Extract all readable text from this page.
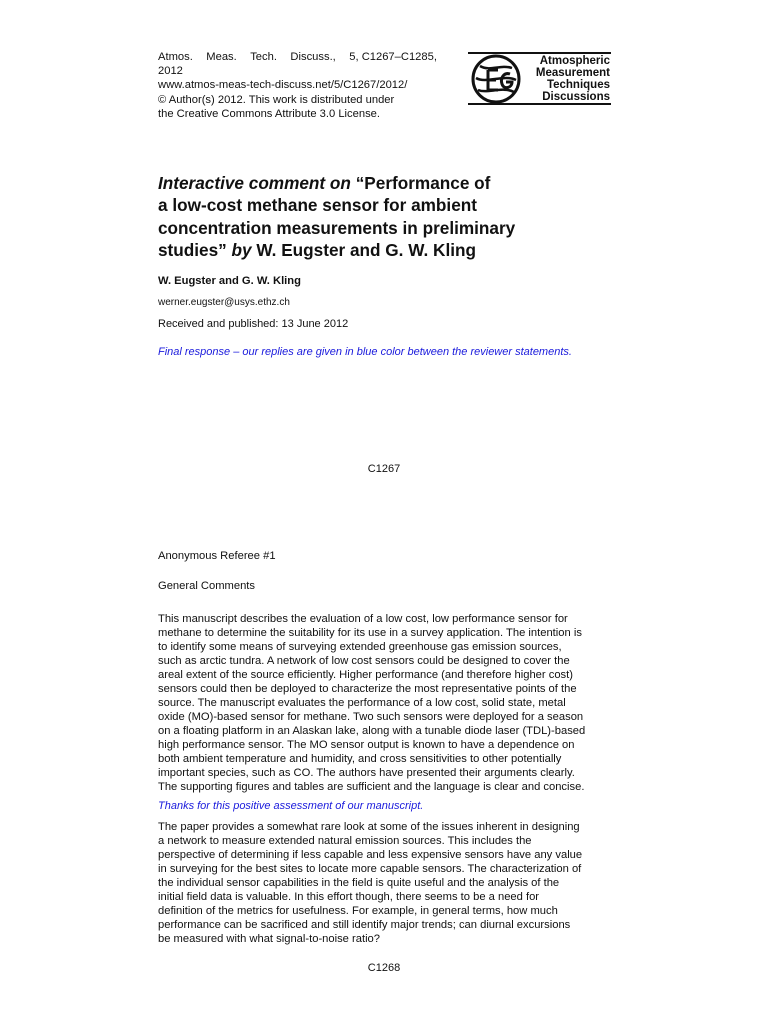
Atmos. Meas. Tech. Discuss., 5, C1267–C1285,
2012
www.atmos-meas-tech-discuss.net/5/C1267/2012/
© Author(s) 2012. This work is distributed under
the Creative Commons Attribute 3.0 License.
Atmospheric
Measurement
Techniques
Discussions
Interactive comment on “Performance of
a low-cost methane sensor for ambient
concentration measurements in preliminary
studies” by W. Eugster and G. W. Kling
W. Eugster and G. W. Kling
werner.eugster@usys.ethz.ch
Received and published: 13 June 2012
Final response – our replies are given in blue color between the reviewer statements.
C1267
Anonymous Referee #1
General Comments
This manuscript describes the evaluation of a low cost, low performance sensor for
methane to determine the suitability for its use in a survey application. The intention is
to identify some means of surveying extended greenhouse gas emission sources,
such as arctic tundra. A network of low cost sensors could be designed to cover the
areal extent of the source efficiently. Higher performance (and therefore higher cost)
sensors could then be deployed to characterize the most representative points of the
source. The manuscript evaluates the performance of a low cost, solid state, metal
oxide (MO)-based sensor for methane. Two such sensors were deployed for a season
on a floating platform in an Alaskan lake, along with a tunable diode laser (TDL)-based
high performance sensor. The MO sensor output is known to have a dependence on
both ambient temperature and humidity, and cross sensitivities to other potentially
important species, such as CO. The authors have presented their arguments clearly.
The supporting figures and tables are sufficient and the language is clear and concise.
Thanks for this positive assessment of our manuscript.
The paper provides a somewhat rare look at some of the issues inherent in designing
a network to measure extended natural emission sources. This includes the
perspective of determining if less capable and less expensive sensors have any value
in surveying for the best sites to locate more capable sensors. The characterization of
the individual sensor capabilities in the field is quite useful and the analysis of the
initial field data is valuable. In this effort though, there seems to be a need for
definition of the metrics for usefulness. For example, in general terms, how much
performance can be sacrificed and still identify major trends; can diurnal excursions
be measured with what signal-to-noise ratio?
C1268
